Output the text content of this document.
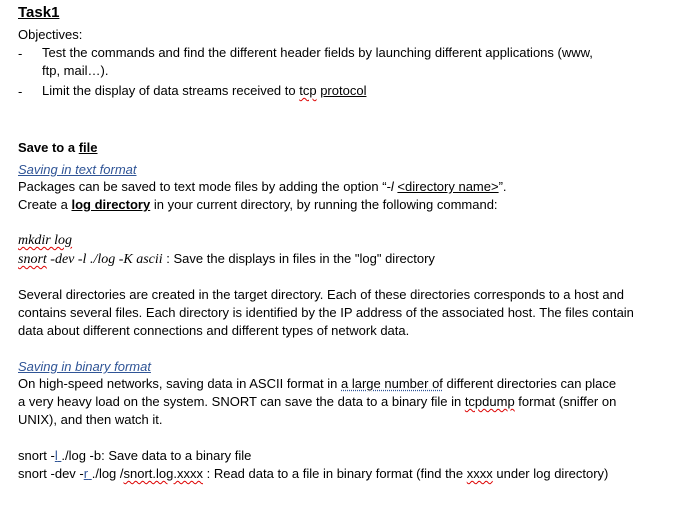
Task1
Objectives:
- Test the commands and find the different header fields by launching different applications (www,
ftp, mail…).
- Limit the display of data streams received to tcp protocol
Save to a file
Saving in text format
Packages can be saved to text mode files by adding the option “-l <directory name>”.
Create a log directory in your current directory, by running the following command:
mkdir log
snort -dev -l ./log -K ascii : Save the displays in files in the "log" directory
Several directories are created in the target directory. Each of these directories corresponds to a host and
contains several files. Each directory is identified by the IP address of the associated host. The files contain
data about different connections and different types of network data.
Saving in binary format
On high-speed networks, saving data in ASCII format in a large number of different directories can place
a very heavy load on the system. SNORT can save the data to a binary file in tcpdump format (sniffer on
UNIX), and then watch it.
snort -l ./log -b: Save data to a binary file
snort -dev -r ./log /snort.log.xxxx : Read data to a file in binary format (find the xxxx under log directory)
